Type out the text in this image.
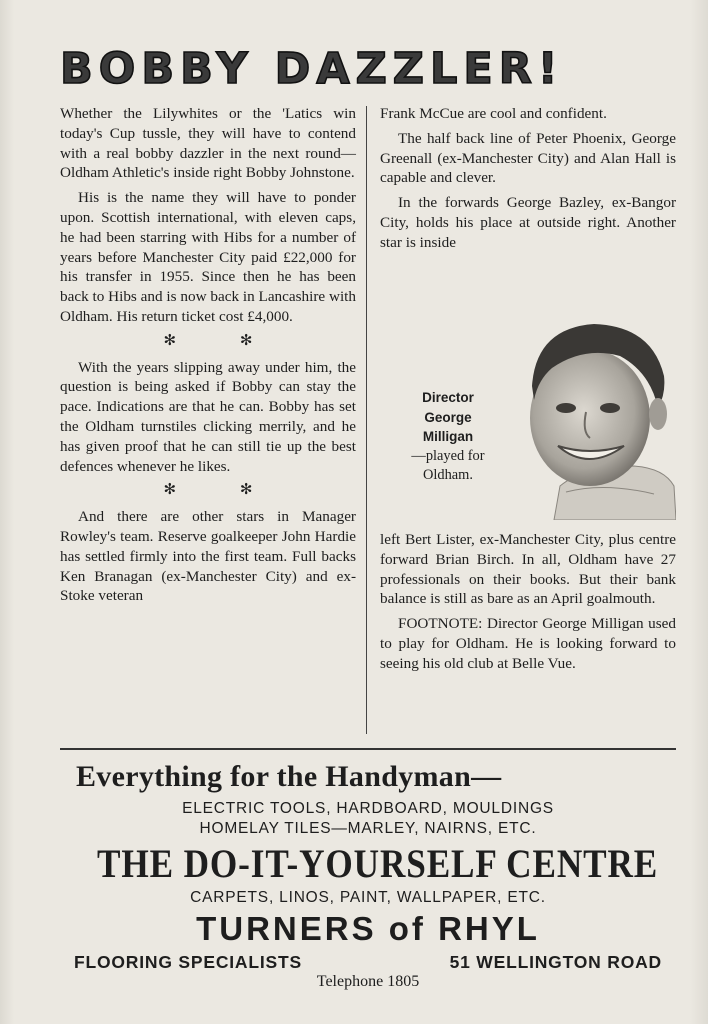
BOBBY DAZZLER!

Whether the Lilywhites or the 'Latics win today's Cup tussle, they will have to contend with a real bobby dazzler in the next round— Oldham Athletic's inside right Bobby Johnstone.

His is the name they will have to ponder upon. Scottish international, with eleven caps, he had been starring with Hibs for a number of years before Manchester City paid £22,000 for his transfer in 1955. Since then he has been back to Hibs and is now back in Lancashire with Oldham. His return ticket cost £4,000.

✻ ✻

With the years slipping away under him, the question is being asked if Bobby can stay the pace. Indications are that he can. Bobby has set the Oldham turnstiles clicking merrily, and he has given proof that he can still tie up the best defences whenever he likes.

✻ ✻

And there are other stars in Manager Rowley's team. Reserve goalkeeper John Hardie has settled firmly into the first team. Full backs Ken Branagan (ex-Manchester City) and ex-Stoke veteran

Frank McCue are cool and confident.

The half back line of Peter Phoenix, George Greenall (ex-Manchester City) and Alan Hall is capable and clever.

In the forwards George Bazley, ex-Bangor City, holds his place at outside right. Another star is inside

Director
George
Milligan
—played for
Oldham.

left Bert Lister, ex-Manchester City, plus centre forward Brian Birch. In all, Oldham have 27 professionals on their books. But their bank balance is still as bare as an April goalmouth.

FOOTNOTE: Director George Milligan used to play for Oldham. He is looking forward to seeing his old club at Belle Vue.

Everything for the Handyman—
ELECTRIC TOOLS, HARDBOARD, MOULDINGS
HOMELAY TILES—MARLEY, NAIRNS, ETC.
THE DO-IT-YOURSELF CENTRE
CARPETS, LINOS, PAINT, WALLPAPER, ETC.
TURNERS of RHYL
FLOORING SPECIALISTS	51 WELLINGTON ROAD
Telephone 1805
